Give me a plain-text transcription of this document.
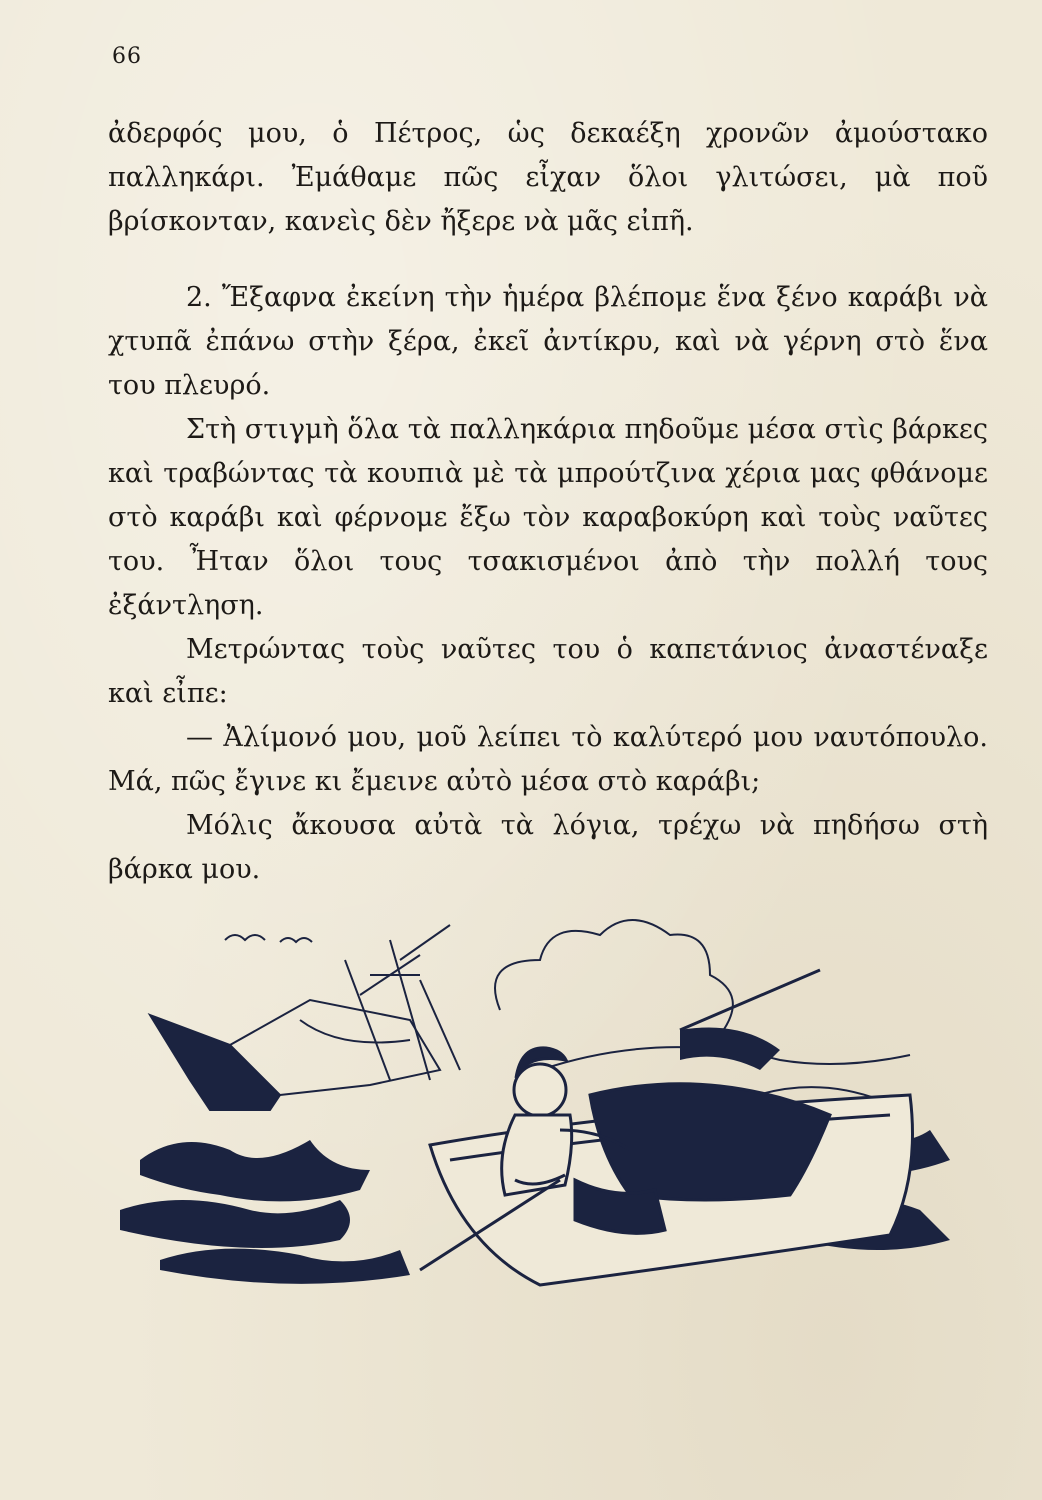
66

ἀδερφός μου, ὁ Πέτρος, ὡς δεκαέξη χρονῶν ἀμούστακο παλληκάρι. Ἐμάθαμε πῶς εἶχαν ὅλοι γλιτώσει, μὰ ποῦ βρίσκονταν, κανεὶς δὲν ἤξερε νὰ μᾶς εἰπῆ.

2. Ἔξαφνα ἐκείνη τὴν ἡμέρα βλέπομε ἕνα ξένο καράβι νὰ χτυπᾶ ἐπάνω στὴν ξέρα, ἐκεῖ ἀντίκρυ, καὶ νὰ γέρνη στὸ ἕνα του πλευρό.

Στὴ στιγμὴ ὅλα τὰ παλληκάρια πηδοῦμε μέσα στὶς βάρκες καὶ τραβώντας τὰ κουπιὰ μὲ τὰ μπρούτζινα χέρια μας φθάνομε στὸ καράβι καὶ φέρνομε ἔξω τὸν καραβοκύρη καὶ τοὺς ναῦτες του. Ἦταν ὅλοι τους τσακισμένοι ἀπὸ τὴν πολλή τους ἐξάντληση.

Μετρώντας τοὺς ναῦτες του ὁ καπετάνιος ἀναστέναξε καὶ εἶπε:

— Ἀλίμονό μου, μοῦ λείπει τὸ καλύτερό μου ναυτόπουλο. Μά, πῶς ἔγινε κι ἔμεινε αὐτὸ μέσα στὸ καράβι;

Μόλις ἄκουσα αὐτὰ τὰ λόγια, τρέχω νὰ πηδήσω στὴ βάρκα μου.
